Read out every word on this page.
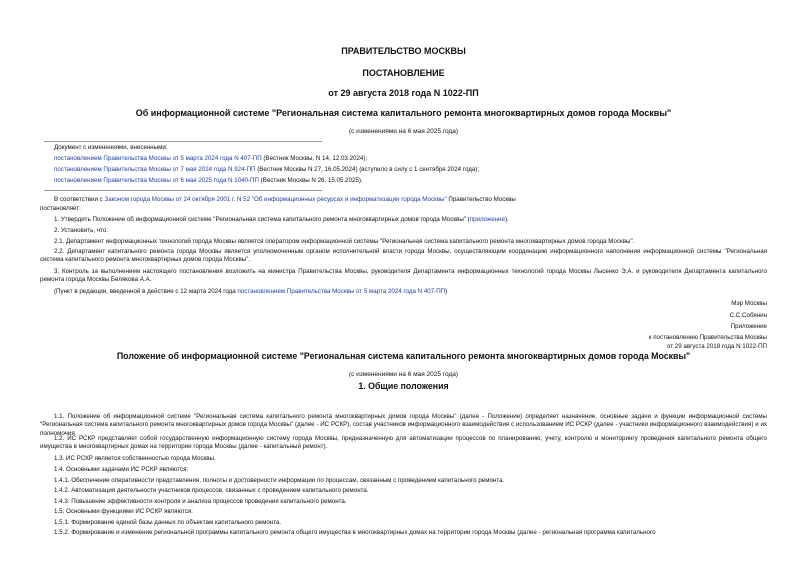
ПРАВИТЕЛЬСТВО МОСКВЫ
ПОСТАНОВЛЕНИЕ
от 29 августа 2018 года N 1022-ПП
Об информационной системе "Региональная система капитального ремонта многоквартирных домов города Москвы"
(с изменениями на 6 мая 2025 года)
Документ с изменениями, внесенными:
постановлением Правительства Москвы от 5 марта 2024 года N 407-ПП (Вестник Москвы, N 14, 12.03.2024);
постановлением Правительства Москвы от 7 мая 2024 года N 924-ПП (Вестник Москвы N 27, 16.05.2024) (вступило в силу с 1 сентября 2024 года);
постановлением Правительства Москвы от 6 мая 2025 года N 1040-ПП (Вестник Москвы N 26, 15.05.2025).
В соответствии с Законом города Москвы от 24 октября 2001 г. N 52 "Об информационных ресурсах и информатизации города Москвы" Правительство Москвы
постановляет:
1. Утвердить Положение об информационной системе "Региональная система капитального ремонта многоквартирных домов города Москвы" (приложение).
2. Установить, что:
2.1. Департамент информационных технологий города Москвы является оператором информационной системы "Региональная система капитального ремонта многоквартирных домов города Москвы".
2.2. Департамент капитального ремонта города Москвы является уполномоченным органом исполнительной власти города Москвы, осуществляющим координацию информационного наполнения информационной системы "Региональная система капитального ремонта многоквартирных домов города Москвы".
3. Контроль за выполнением настоящего постановления возложить на министра Правительства Москвы, руководителя Департамента информационных технологий города Москвы Лысенко Э.А. и руководителя Департамента капитального ремонта города Москвы Белякова А.А.
(Пункт в редакции, введенной в действие с 12 марта 2024 года постановлением Правительства Москвы от 5 марта 2024 года N 407-ПП)
Мэр Москвы
С.С.Собянин
Приложение
к постановлению Правительства Москвы
от 29 августа 2018 года N 1022-ПП
Положение об информационной системе "Региональная система капитального ремонта многоквартирных домов города Москвы"
(с изменениями на 6 мая 2025 года)
1. Общие положения
1.1. Положение об информационной системе "Региональная система капитального ремонта многоквартирных домов города Москвы" (далее - Положение) определяет назначение, основные задачи и функции информационной системы "Региональная система капитального ремонта многоквартирных домов города Москвы" (далее - ИС РСКР), состав участников информационного взаимодействия с использованием ИС РСКР (далее - участники информационного взаимодействия) и их полномочия.
1.2. ИС РСКР представляет собой государственную информационную систему города Москвы, предназначенную для автоматизации процессов по планированию, учету, контролю и мониторингу проведения капитального ремонта общего имущества в многоквартирных домах на территории города Москвы (далее - капитальный ремонт).
1.3. ИС РСКР является собственностью города Москвы.
1.4. Основными задачами ИС РСКР являются:
1.4.1. Обеспечение оперативности представления, полноты и достоверности информации по процессам, связанным с проведением капитального ремонта.
1.4.2. Автоматизация деятельности участников процессов, связанных с проведением капитального ремонта.
1.4.3. Повышение эффективности контроля и анализа процессов проведения капитального ремонта.
1.5. Основными функциями ИС РСКР являются:
1.5.1. Формирование единой базы данных по объектам капитального ремонта.
1.5.2. Формирование и изменение региональной программы капитального ремонта общего имущества в многоквартирных домах на территории города Москвы (далее - региональная программа капитального
